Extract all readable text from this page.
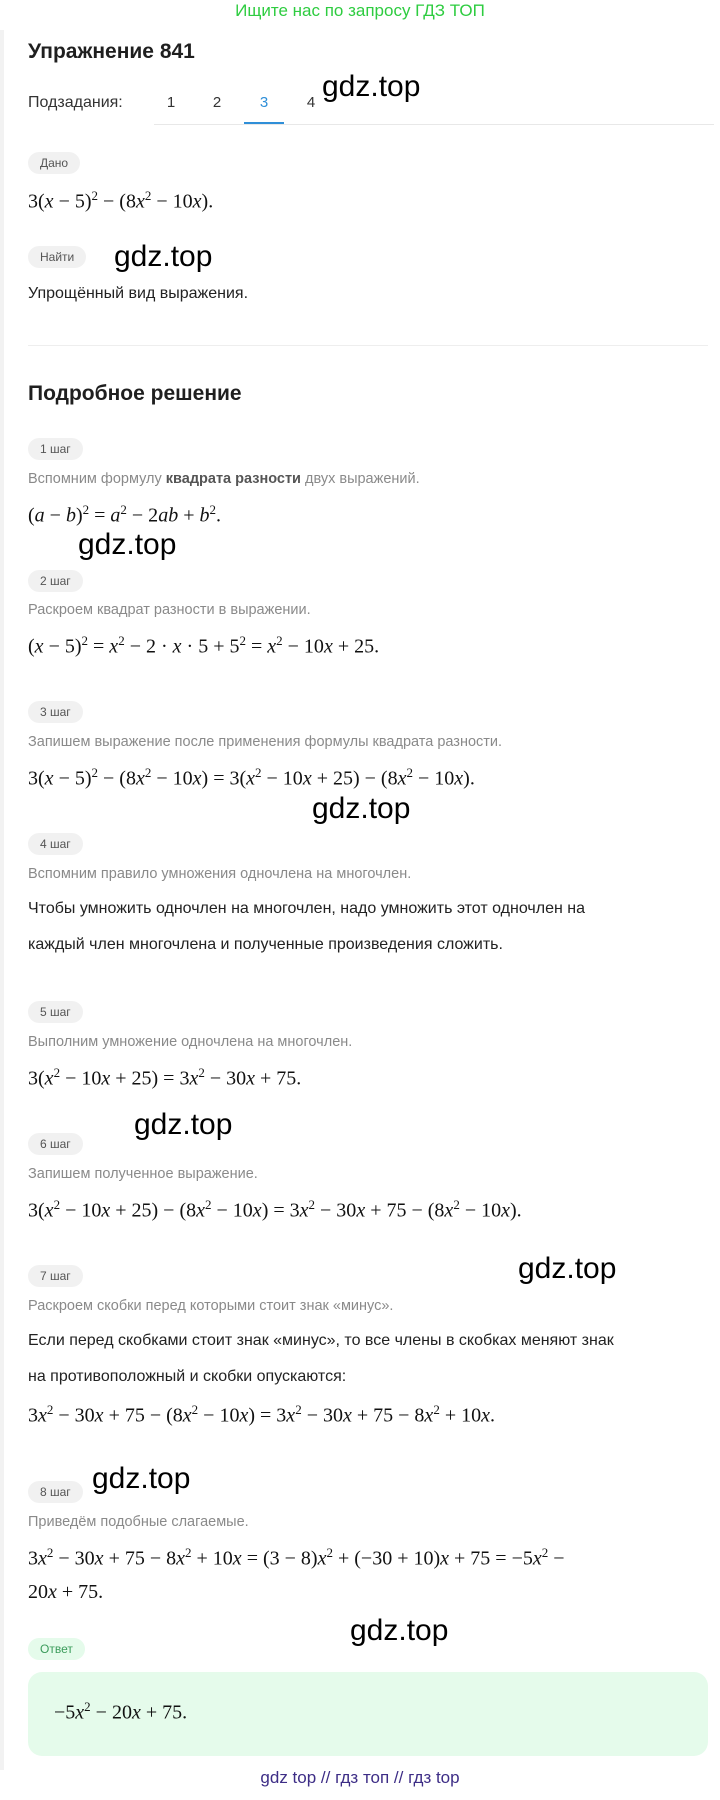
Ищите нас по запросу ГДЗ ТОП
Упражнение 841
gdz.top
Подзадания:	1	2	3	4
Дано
$3(x - 5)^2 - (8x^2 - 10x)$.
Найти	gdz.top
Упрощённый вид выражения.
Подробное решение
1 шаг
Вспомним формулу квадрата разности двух выражений.
$(a - b)^2 = a^2 - 2ab + b^2$.
gdz.top
2 шаг
Раскроем квадрат разности в выражении.
$(x - 5)^2 = x^2 - 2 \cdot x \cdot 5 + 5^2 = x^2 - 10x + 25$.
3 шаг
Запишем выражение после применения формулы квадрата разности.
$3(x - 5)^2 - (8x^2 - 10x) = 3(x^2 - 10x + 25) - (8x^2 - 10x)$.
gdz.top
4 шаг
Вспомним правило умножения одночлена на многочлен.
Чтобы умножить одночлен на многочлен, надо умножить этот одночлен на
каждый член многочлена и полученные произведения сложить.
5 шаг
Выполним умножение одночлена на многочлен.
$3(x^2 - 10x + 25) = 3x^2 - 30x + 75$.
gdz.top
6 шаг
Запишем полученное выражение.
$3(x^2 - 10x + 25) - (8x^2 - 10x) = 3x^2 - 30x + 75 - (8x^2 - 10x)$.
7 шаг	gdz.top
Раскроем скобки перед которыми стоит знак «минус».
Если перед скобками стоит знак «минус», то все члены в скобках меняют знак
на противоположный и скобки опускаются:
$3x^2 - 30x + 75 - (8x^2 - 10x) = 3x^2 - 30x + 75 - 8x^2 + 10x$.
8 шаг gdz.top
Приведём подобные слагаемые.
$3x^2 - 30x + 75 - 8x^2 + 10x = (3 - 8)x^2 + (-30 + 10)x + 75 = -5x^2$ −
20x + 75.
gdz.top
Ответ
$-5x^2 - 20x + 75$.
gdz top // гдз топ // гдз top
